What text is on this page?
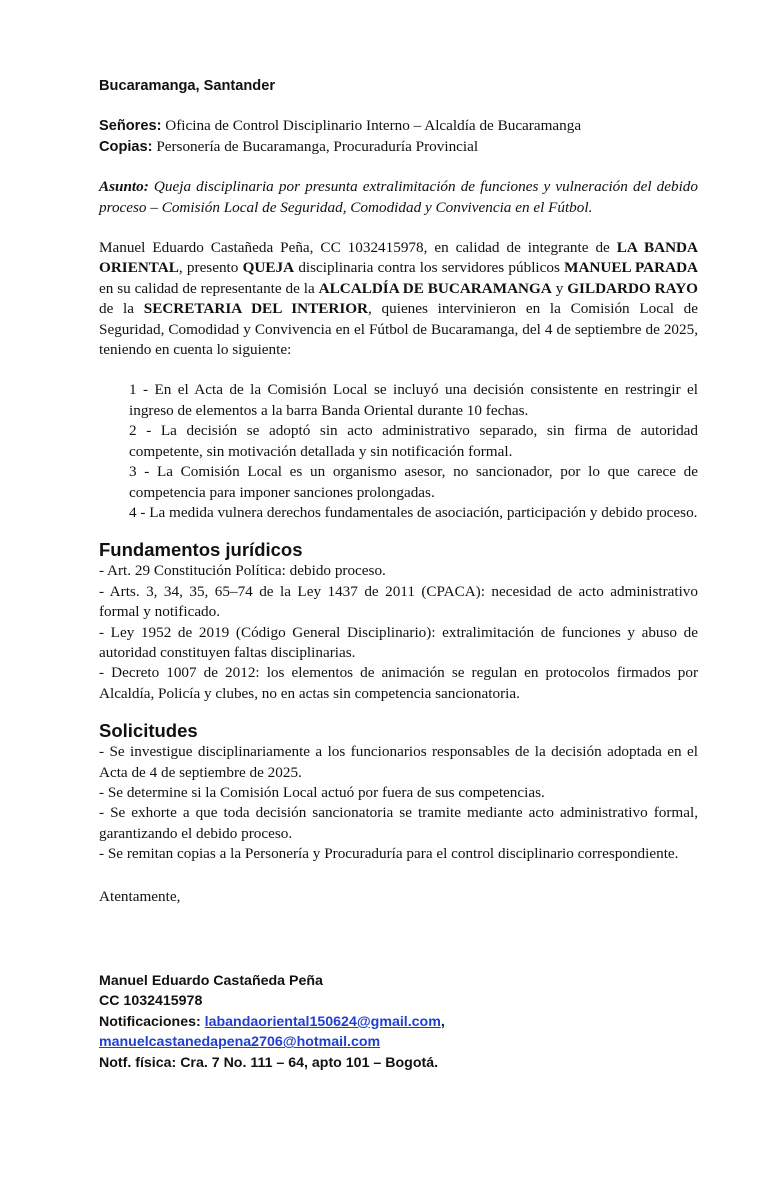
Bucaramanga, Santander

Señores: Oficina de Control Disciplinario Interno – Alcaldía de Bucaramanga

Copias: Personería de Bucaramanga, Procuraduría Provincial

Asunto: Queja disciplinaria por presunta extralimitación de funciones y vulneración del debido proceso – Comisión Local de Seguridad, Comodidad y Convivencia en el Fútbol.

Manuel Eduardo Castañeda Peña, CC 1032415978, en calidad de integrante de LA BANDA ORIENTAL, presento QUEJA disciplinaria contra los servidores públicos MANUEL PARADA en su calidad de representante de la ALCALDÍA DE BUCARAMANGA y GILDARDO RAYO de la SECRETARIA DEL INTERIOR, quienes intervinieron en la Comisión Local de Seguridad, Comodidad y Convivencia en el Fútbol de Bucaramanga, del 4 de septiembre de 2025, teniendo en cuenta lo siguiente:

1 - En el Acta de la Comisión Local se incluyó una decisión consistente en restringir el ingreso de elementos a la barra Banda Oriental durante 10 fechas.

2 - La decisión se adoptó sin acto administrativo separado, sin firma de autoridad competente, sin motivación detallada y sin notificación formal.

3 - La Comisión Local es un organismo asesor, no sancionador, por lo que carece de competencia para imponer sanciones prolongadas.

4 - La medida vulnera derechos fundamentales de asociación, participación y debido proceso.

Fundamentos jurídicos

- Art. 29 Constitución Política: debido proceso.

- Arts. 3, 34, 35, 65–74 de la Ley 1437 de 2011 (CPACA): necesidad de acto administrativo formal y notificado.

- Ley 1952 de 2019 (Código General Disciplinario): extralimitación de funciones y abuso de autoridad constituyen faltas disciplinarias.

- Decreto 1007 de 2012: los elementos de animación se regulan en protocolos firmados por Alcaldía, Policía y clubes, no en actas sin competencia sancionatoria.

Solicitudes

- Se investigue disciplinariamente a los funcionarios responsables de la decisión adoptada en el Acta de 4 de septiembre de 2025.

- Se determine si la Comisión Local actuó por fuera de sus competencias.

- Se exhorte a que toda decisión sancionatoria se tramite mediante acto administrativo formal, garantizando el debido proceso.

- Se remitan copias a la Personería y Procuraduría para el control disciplinario correspondiente.

Atentamente,

Manuel Eduardo Castañeda Peña

CC 1032415978

Notificaciones: labandaoriental150624@gmail.com,

manuelcastanedapena2706@hotmail.com

Notf. física: Cra. 7 No. 111 – 64, apto 101 – Bogotá.
